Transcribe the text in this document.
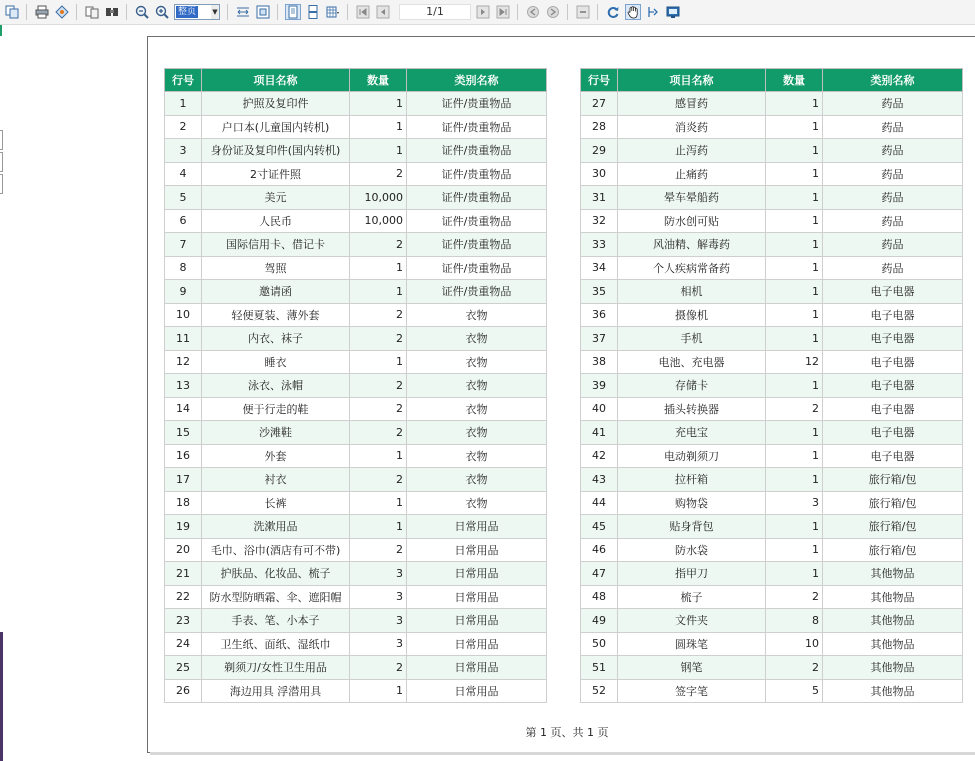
整页 ▼	1/1
行号	项目名称	数量	类别名称
1	护照及复印件	1	证件/贵重物品
2	户口本(儿童国内转机)	1	证件/贵重物品
3	身份证及复印件(国内转机)	1	证件/贵重物品
4	2寸证件照	2	证件/贵重物品
5	美元	10,000	证件/贵重物品
6	人民币	10,000	证件/贵重物品
7	国际信用卡、借记卡	2	证件/贵重物品
8	驾照	1	证件/贵重物品
9	邀请函	1	证件/贵重物品
10	轻便夏装、薄外套	2	衣物
11	内衣、袜子	2	衣物
12	睡衣	1	衣物
13	泳衣、泳帽	2	衣物
14	便于行走的鞋	2	衣物
15	沙滩鞋	2	衣物
16	外套	1	衣物
17	衬衣	2	衣物
18	长裤	1	衣物
19	洗漱用品	1	日常用品
20	毛巾、浴巾(酒店有可不带)	2	日常用品
21	护肤品、化妆品、梳子	3	日常用品
22	防水型防晒霜、伞、遮阳帽	3	日常用品
23	手表、笔、小本子	3	日常用品
24	卫生纸、面纸、湿纸巾	3	日常用品
25	剃须刀/女性卫生用品	2	日常用品
26	海边用具 浮潜用具	1	日常用品
行号	项目名称	数量	类别名称
27	感冒药	1	药品
28	消炎药	1	药品
29	止泻药	1	药品
30	止痛药	1	药品
31	晕车晕船药	1	药品
32	防水创可贴	1	药品
33	风油精、解毒药	1	药品
34	个人疾病常备药	1	药品
35	相机	1	电子电器
36	摄像机	1	电子电器
37	手机	1	电子电器
38	电池、充电器	12	电子电器
39	存储卡	1	电子电器
40	插头转换器	2	电子电器
41	充电宝	1	电子电器
42	电动剃须刀	1	电子电器
43	拉杆箱	1	旅行箱/包
44	购物袋	3	旅行箱/包
45	贴身背包	1	旅行箱/包
46	防水袋	1	旅行箱/包
47	指甲刀	1	其他物品
48	梳子	2	其他物品
49	文件夹	8	其他物品
50	圆珠笔	10	其他物品
51	钢笔	2	其他物品
52	签字笔	5	其他物品
第 1 页、共 1 页
